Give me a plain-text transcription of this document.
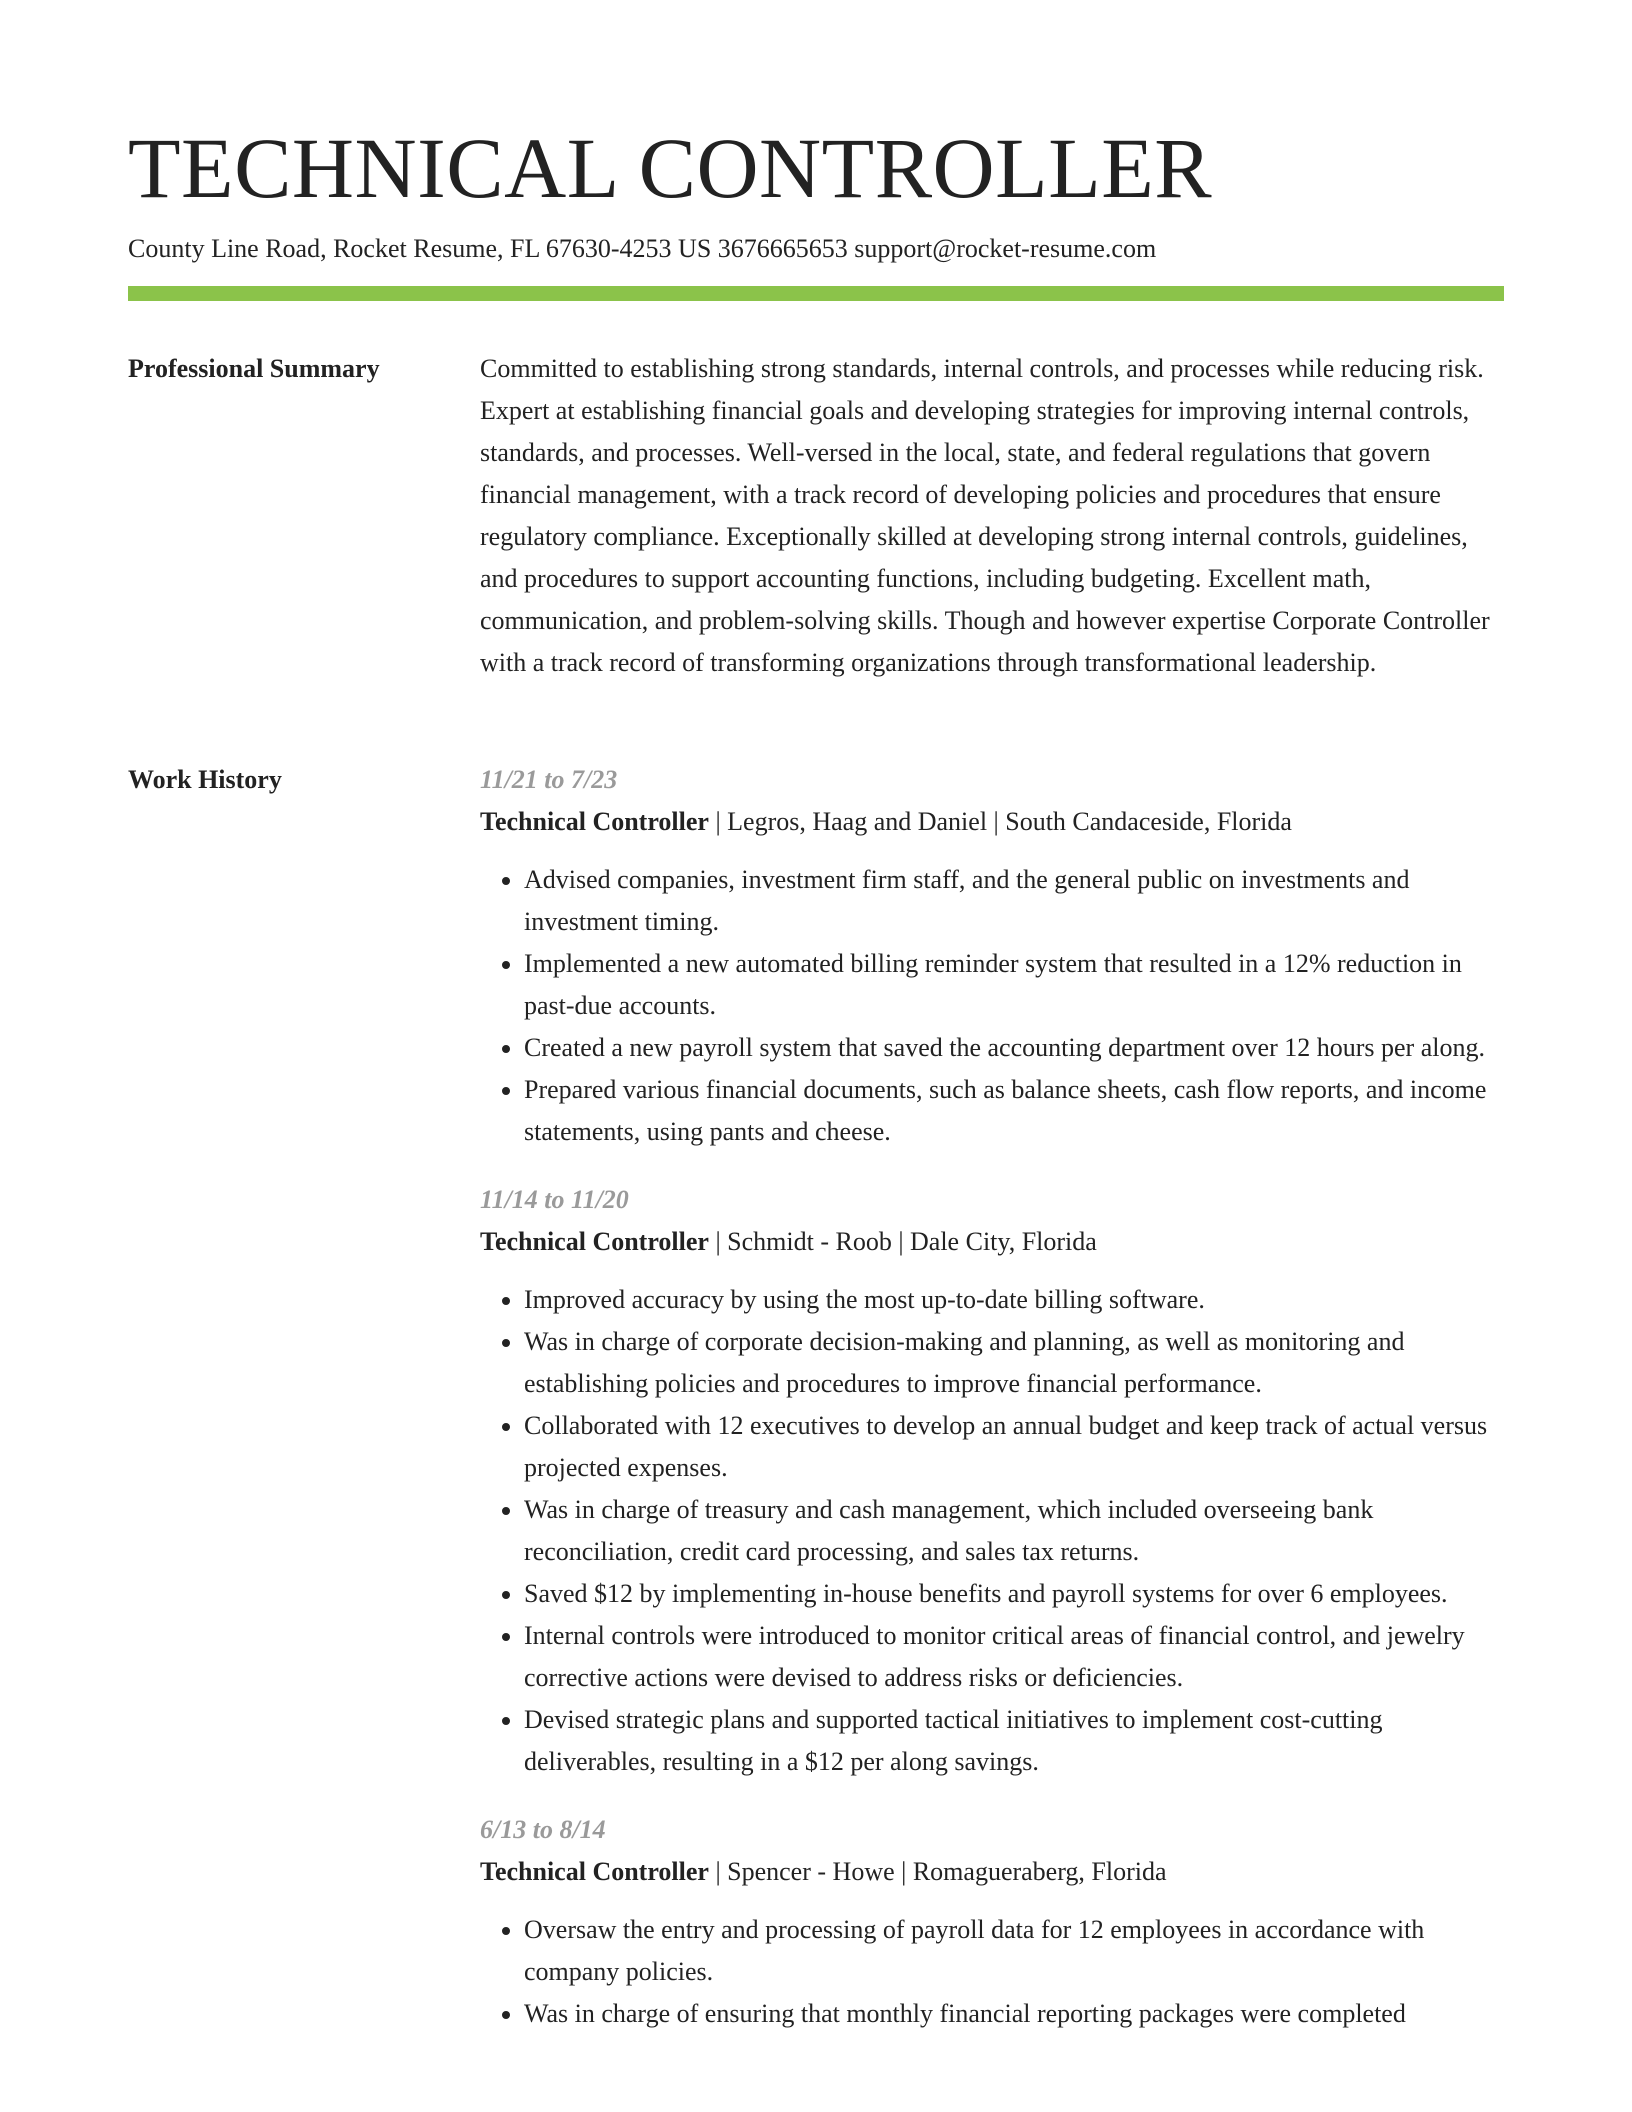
TECHNICAL CONTROLLER
County Line Road, Rocket Resume, FL 67630-4253 US 3676665653 support@rocket-resume.com
Professional Summary	Committed to establishing strong standards, internal controls, and processes while reducing risk. Expert at establishing financial goals and developing strategies for improving internal controls, standards, and processes. Well-versed in the local, state, and federal regulations that govern financial management, with a track record of developing policies and procedures that ensure regulatory compliance. Exceptionally skilled at developing strong internal controls, guidelines, and procedures to support accounting functions, including budgeting. Excellent math, communication, and problem-solving skills. Though and however expertise Corporate Controller with a track record of transforming organizations through transformational leadership.

Work History	11/21 to 7/23
Technical Controller | Legros, Haag and Daniel | South Candaceside, Florida
• Advised companies, investment firm staff, and the general public on investments and investment timing.
• Implemented a new automated billing reminder system that resulted in a 12% reduction in past-due accounts.
• Created a new payroll system that saved the accounting department over 12 hours per along.
• Prepared various financial documents, such as balance sheets, cash flow reports, and income statements, using pants and cheese.
11/14 to 11/20
Technical Controller | Schmidt - Roob | Dale City, Florida
• Improved accuracy by using the most up-to-date billing software.
• Was in charge of corporate decision-making and planning, as well as monitoring and establishing policies and procedures to improve financial performance.
• Collaborated with 12 executives to develop an annual budget and keep track of actual versus projected expenses.
• Was in charge of treasury and cash management, which included overseeing bank reconciliation, credit card processing, and sales tax returns.
• Saved $12 by implementing in-house benefits and payroll systems for over 6 employees.
• Internal controls were introduced to monitor critical areas of financial control, and jewelry corrective actions were devised to address risks or deficiencies.
• Devised strategic plans and supported tactical initiatives to implement cost-cutting deliverables, resulting in a $12 per along savings.
6/13 to 8/14
Technical Controller | Spencer - Howe | Romagueraberg, Florida
• Oversaw the entry and processing of payroll data for 12 employees in accordance with company policies.
• Was in charge of ensuring that monthly financial reporting packages were completed
